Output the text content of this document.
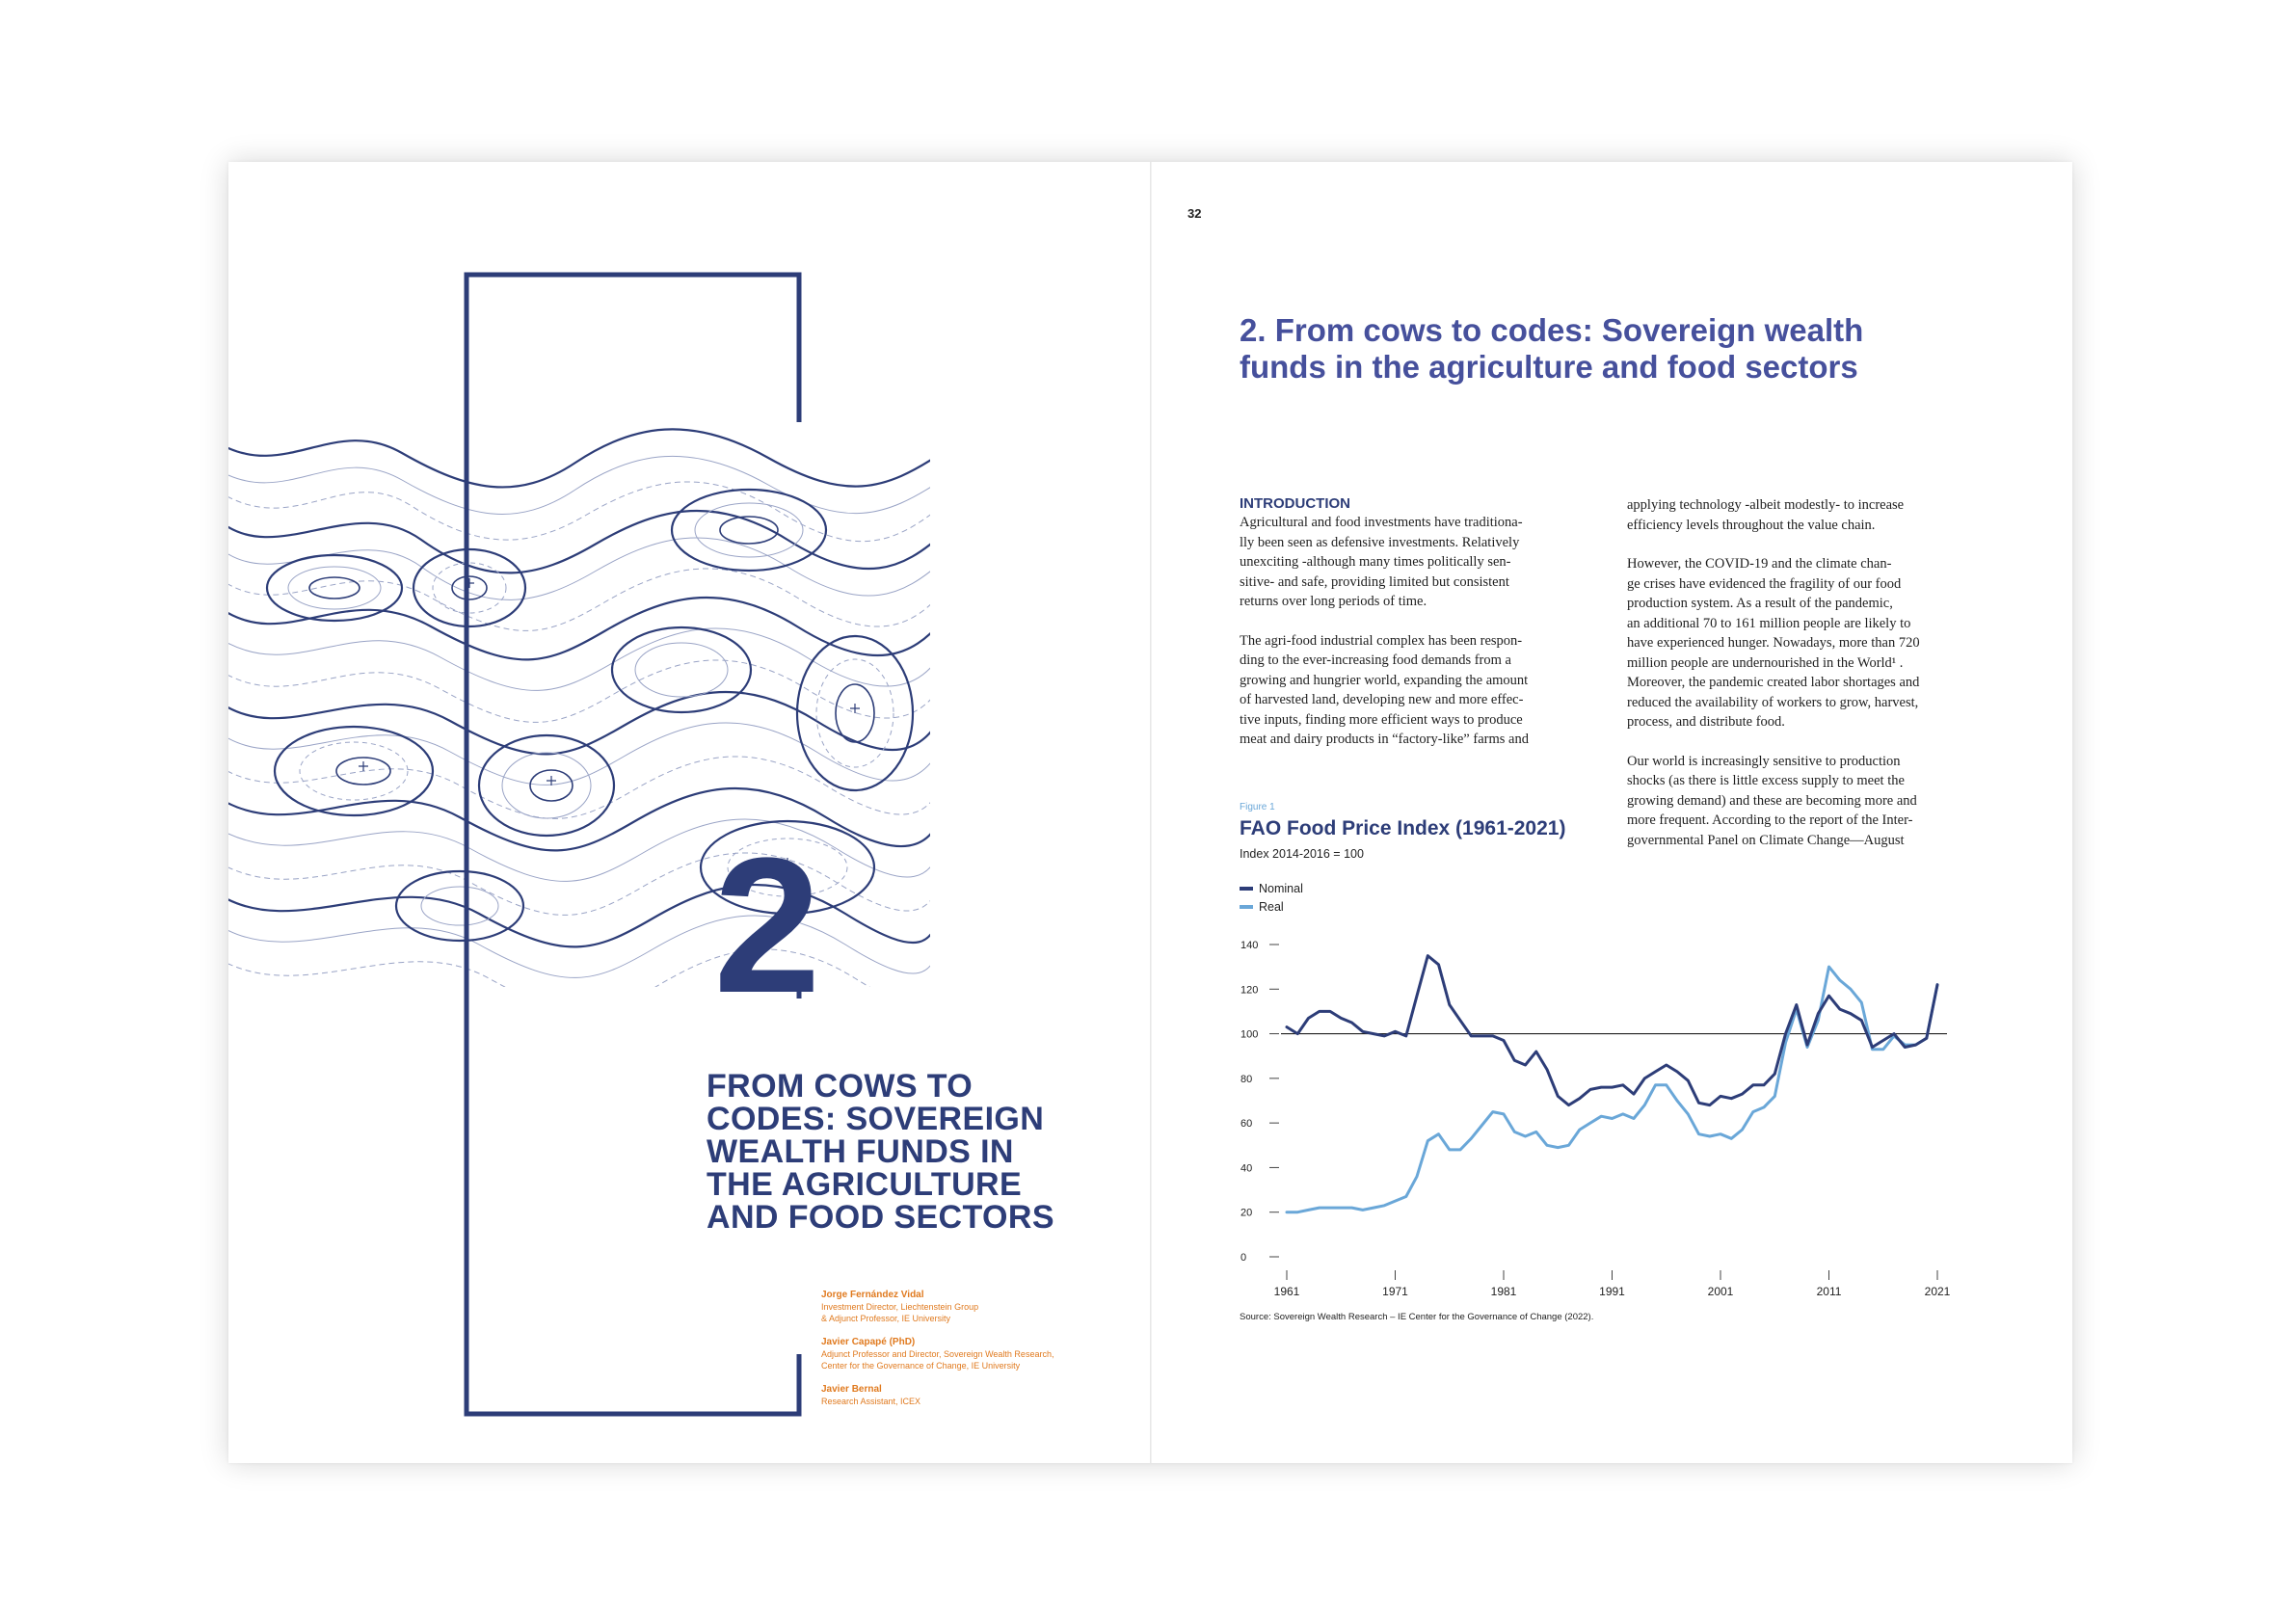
2
FROM COWS TO
CODES: SOVEREIGN
WEALTH FUNDS IN
THE AGRICULTURE
AND FOOD SECTORS
Jorge Fernández Vidal
Investment Director, Liechtenstein Group
& Adjunct Professor, IE University
Javier Capapé (PhD)
Adjunct Professor and Director, Sovereign Wealth Research,
Center for the Governance of Change, IE University
Javier Bernal
Research Assistant, ICEX
32
2. From cows to codes: Sovereign wealth
funds in the agriculture and food sectors
INTRODUCTION

Agricultural and food investments have traditiona-
lly been seen as defensive investments. Relatively
unexciting -although many times politically sen-
sitive- and safe, providing limited but consistent
returns over long periods of time.

The agri-food industrial complex has been respon-
ding to the ever-increasing food demands from a
growing and hungrier world, expanding the amount
of harvested land, developing new and more effec-
tive inputs, finding more efficient ways to produce
meat and dairy products in “factory-like” farms and

applying technology -albeit modestly- to increase
efficiency levels throughout the value chain.

However, the COVID-19 and the climate chan-
ge crises have evidenced the fragility of our food
production system. As a result of the pandemic,
an additional 70 to 161 million people are likely to
have experienced hunger. Nowadays, more than 720
million people are undernourished in the World¹ .
Moreover, the pandemic created labor shortages and
reduced the availability of workers to grow, harvest,
process, and distribute food.

Our world is increasingly sensitive to production
shocks (as there is little excess supply to meet the
growing demand) and these are becoming more and
more frequent. According to the report of the Inter-
governmental Panel on Climate Change—August

Figure 1
FAO Food Price Index (1961-2021)
Index 2014-2016 = 100
Nominal
Real
0
20
40
60
80
100
120
140
1961	1971	1981	1991	2001	2011	2021
Source: Sovereign Wealth Research – IE Center for the Governance of Change (2022).
